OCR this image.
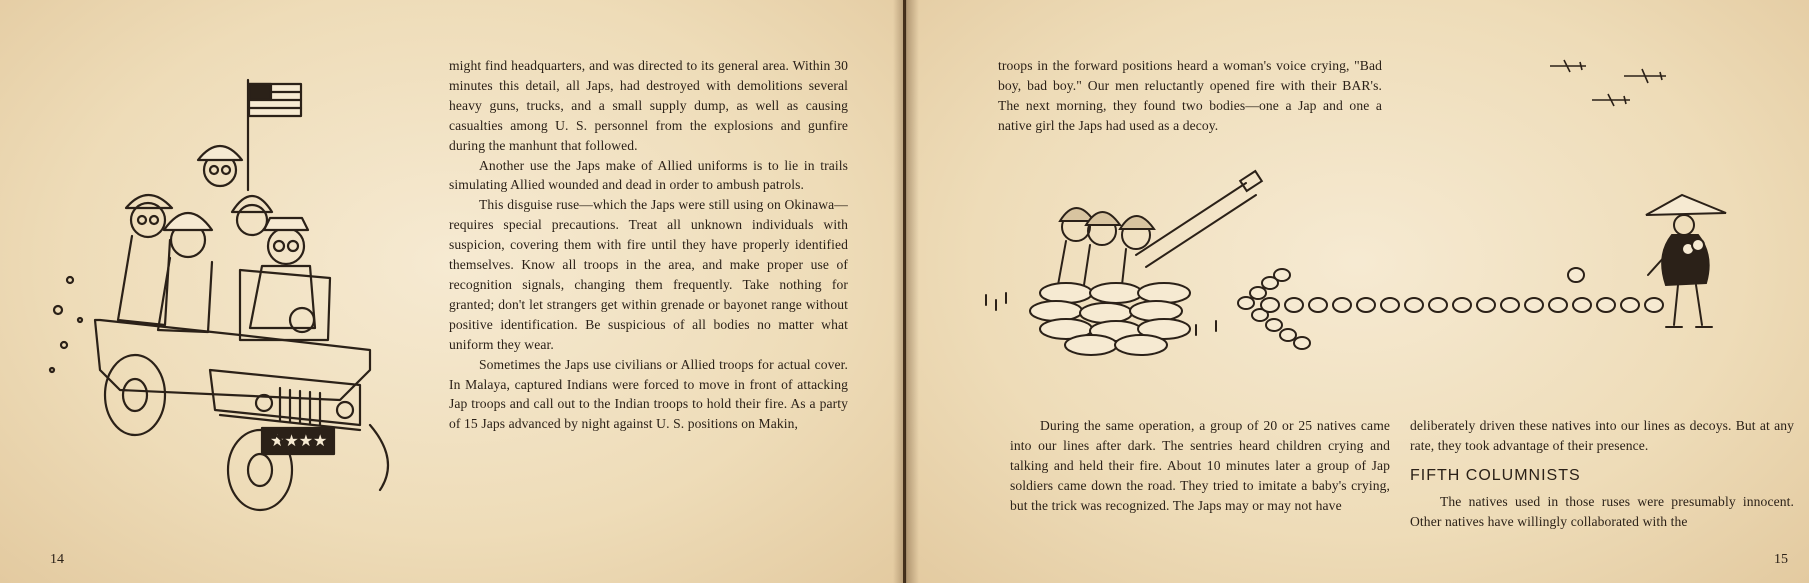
★★★★
14	15

might find headquarters, and was directed to its general area. Within 30 minutes this detail, all Japs, had destroyed with demolitions several heavy guns, trucks, and a small supply dump, as well as causing casualties among U. S. personnel from the explosions and gunfire during the manhunt that followed.

Another use the Japs make of Allied uniforms is to lie in trails simulating Allied wounded and dead in order to ambush patrols.

This disguise ruse—which the Japs were still using on Okinawa—requires special precautions. Treat all unknown individuals with suspicion, covering them with fire until they have properly identified themselves. Know all troops in the area, and make proper use of recognition signals, changing them frequently. Take nothing for granted; don't let strangers get within grenade or bayonet range without positive identification. Be suspicious of all bodies no matter what uniform they wear.

Sometimes the Japs use civilians or Allied troops for actual cover. In Malaya, captured Indians were forced to move in front of attacking Jap troops and call out to the Indian troops to hold their fire. As a party of 15 Japs advanced by night against U. S. positions on Makin,

troops in the forward positions heard a woman's voice crying, "Bad boy, bad boy." Our men reluctantly opened fire with their BAR's. The next morning, they found two bodies—one a Jap and one a native girl the Japs had used as a decoy.

During the same operation, a group of 20 or 25 natives came into our lines after dark. The sentries heard children crying and talking and held their fire. About 10 minutes later a group of Jap soldiers came down the road. They tried to imitate a baby's crying, but the trick was recognized. The Japs may or may not have

deliberately driven these natives into our lines as decoys. But at any rate, they took advantage of their presence.

FIFTH COLUMNISTS

The natives used in those ruses were presumably innocent. Other natives have willingly collaborated with the
